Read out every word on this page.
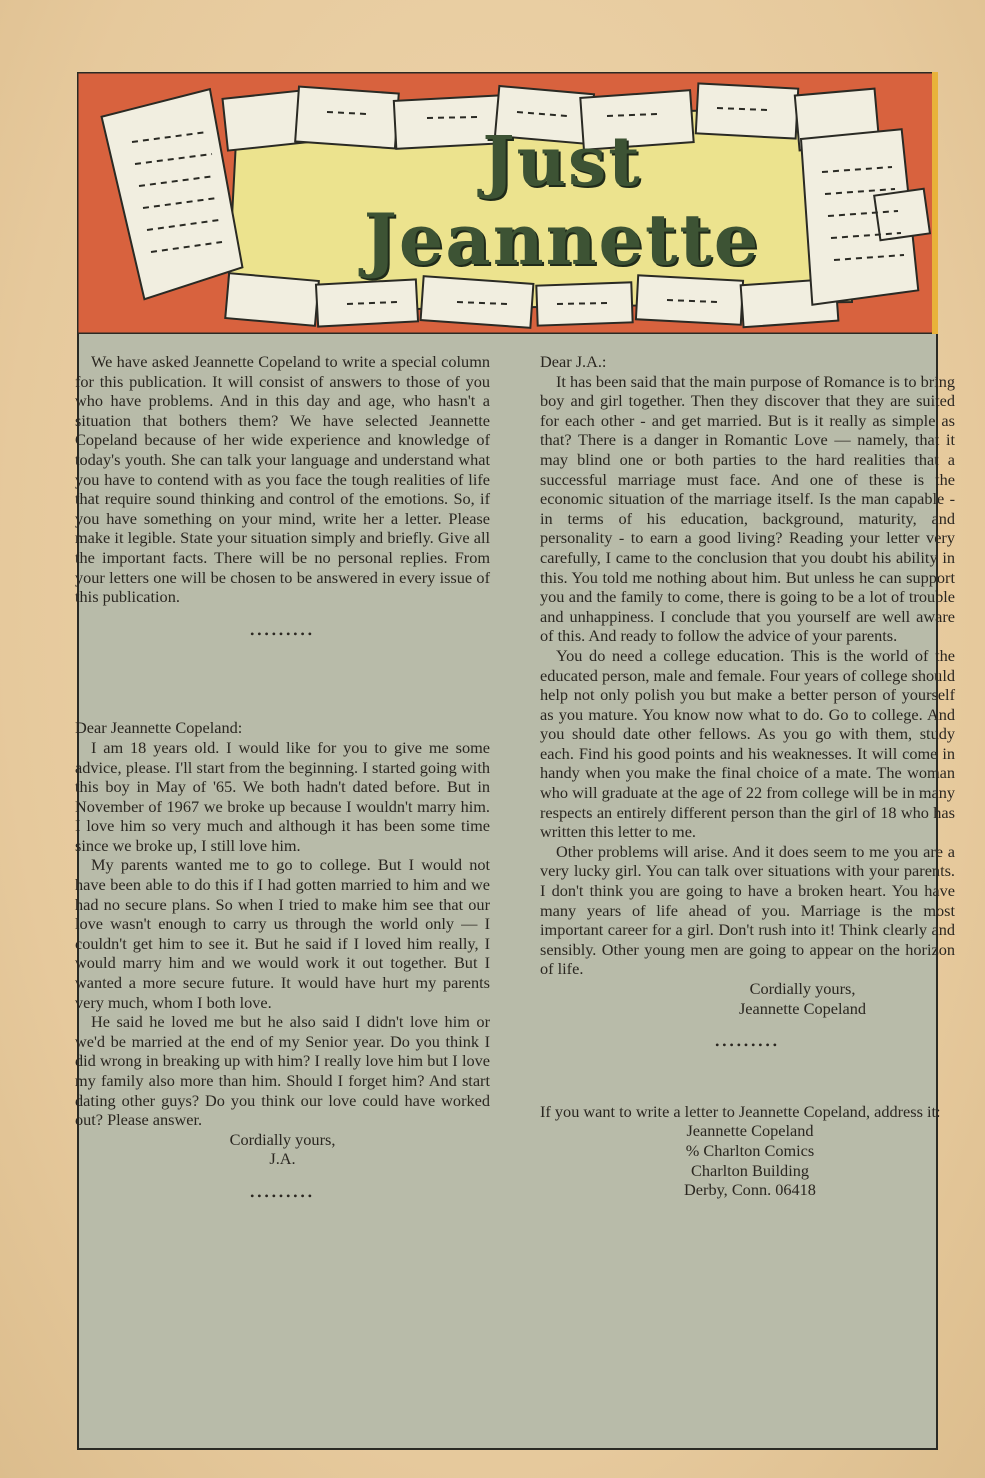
Just
Jeannette

We have asked Jeannette Copeland to write a special column for this publication. It will consist of answers to those of you who have problems. And in this day and age, who hasn't a situation that bothers them? We have selected Jeannette Copeland because of her wide experience and knowledge of today's youth. She can talk your language and understand what you have to contend with as you face the tough realities of life that require sound thinking and control of the emotions. So, if you have something on your mind, write her a letter. Please make it legible. State your situation simply and briefly. Give all the important facts. There will be no personal replies. From your letters one will be chosen to be answered in every issue of this publication.

•••••••••

Dear Jeannette Copeland:

I am 18 years old. I would like for you to give me some advice, please. I'll start from the beginning. I started going with this boy in May of '65. We both hadn't dated before. But in November of 1967 we broke up because I wouldn't marry him. I love him so very much and although it has been some time since we broke up, I still love him.

My parents wanted me to go to college. But I would not have been able to do this if I had gotten married to him and we had no secure plans. So when I tried to make him see that our love wasn't enough to carry us through the world only — I couldn't get him to see it. But he said if I loved him really, I would marry him and we would work it out together. But I wanted a more secure future. It would have hurt my parents very much, whom I both love.

He said he loved me but he also said I didn't love him or we'd be married at the end of my Senior year. Do you think I did wrong in breaking up with him? I really love him but I love my family also more than him. Should I forget him? And start dating other guys? Do you think our love could have worked out? Please answer.

Cordially yours,

J.A.

•••••••••

Dear J.A.:

It has been said that the main purpose of Romance is to bring boy and girl together. Then they discover that they are suited for each other - and get married. But is it really as simple as that? There is a danger in Romantic Love — namely, that it may blind one or both parties to the hard realities that a successful marriage must face. And one of these is the economic situation of the marriage itself. Is the man capable - in terms of his education, background, maturity, and personality - to earn a good living? Reading your letter very carefully, I came to the conclusion that you doubt his ability in this. You told me nothing about him. But unless he can support you and the family to come, there is going to be a lot of trouble and unhappiness. I conclude that you yourself are well aware of this. And ready to follow the advice of your parents.

You do need a college education. This is the world of the educated person, male and female. Four years of college should help not only polish you but make a better person of yourself as you mature. You know now what to do. Go to college. And you should date other fellows. As you go with them, study each. Find his good points and his weaknesses. It will come in handy when you make the final choice of a mate. The woman who will graduate at the age of 22 from college will be in many respects an entirely different person than the girl of 18 who has written this letter to me.

Other problems will arise. And it does seem to me you are a very lucky girl. You can talk over situations with your parents. I don't think you are going to have a broken heart. You have many years of life ahead of you. Marriage is the most important career for a girl. Don't rush into it! Think clearly and sensibly. Other young men are going to appear on the horizon of life.

Cordially yours,

Jeannette Copeland

•••••••••

If you want to write a letter to Jeannette Copeland, address it:

Jeannette Copeland
% Charlton Comics
Charlton Building
Derby, Conn. 06418
